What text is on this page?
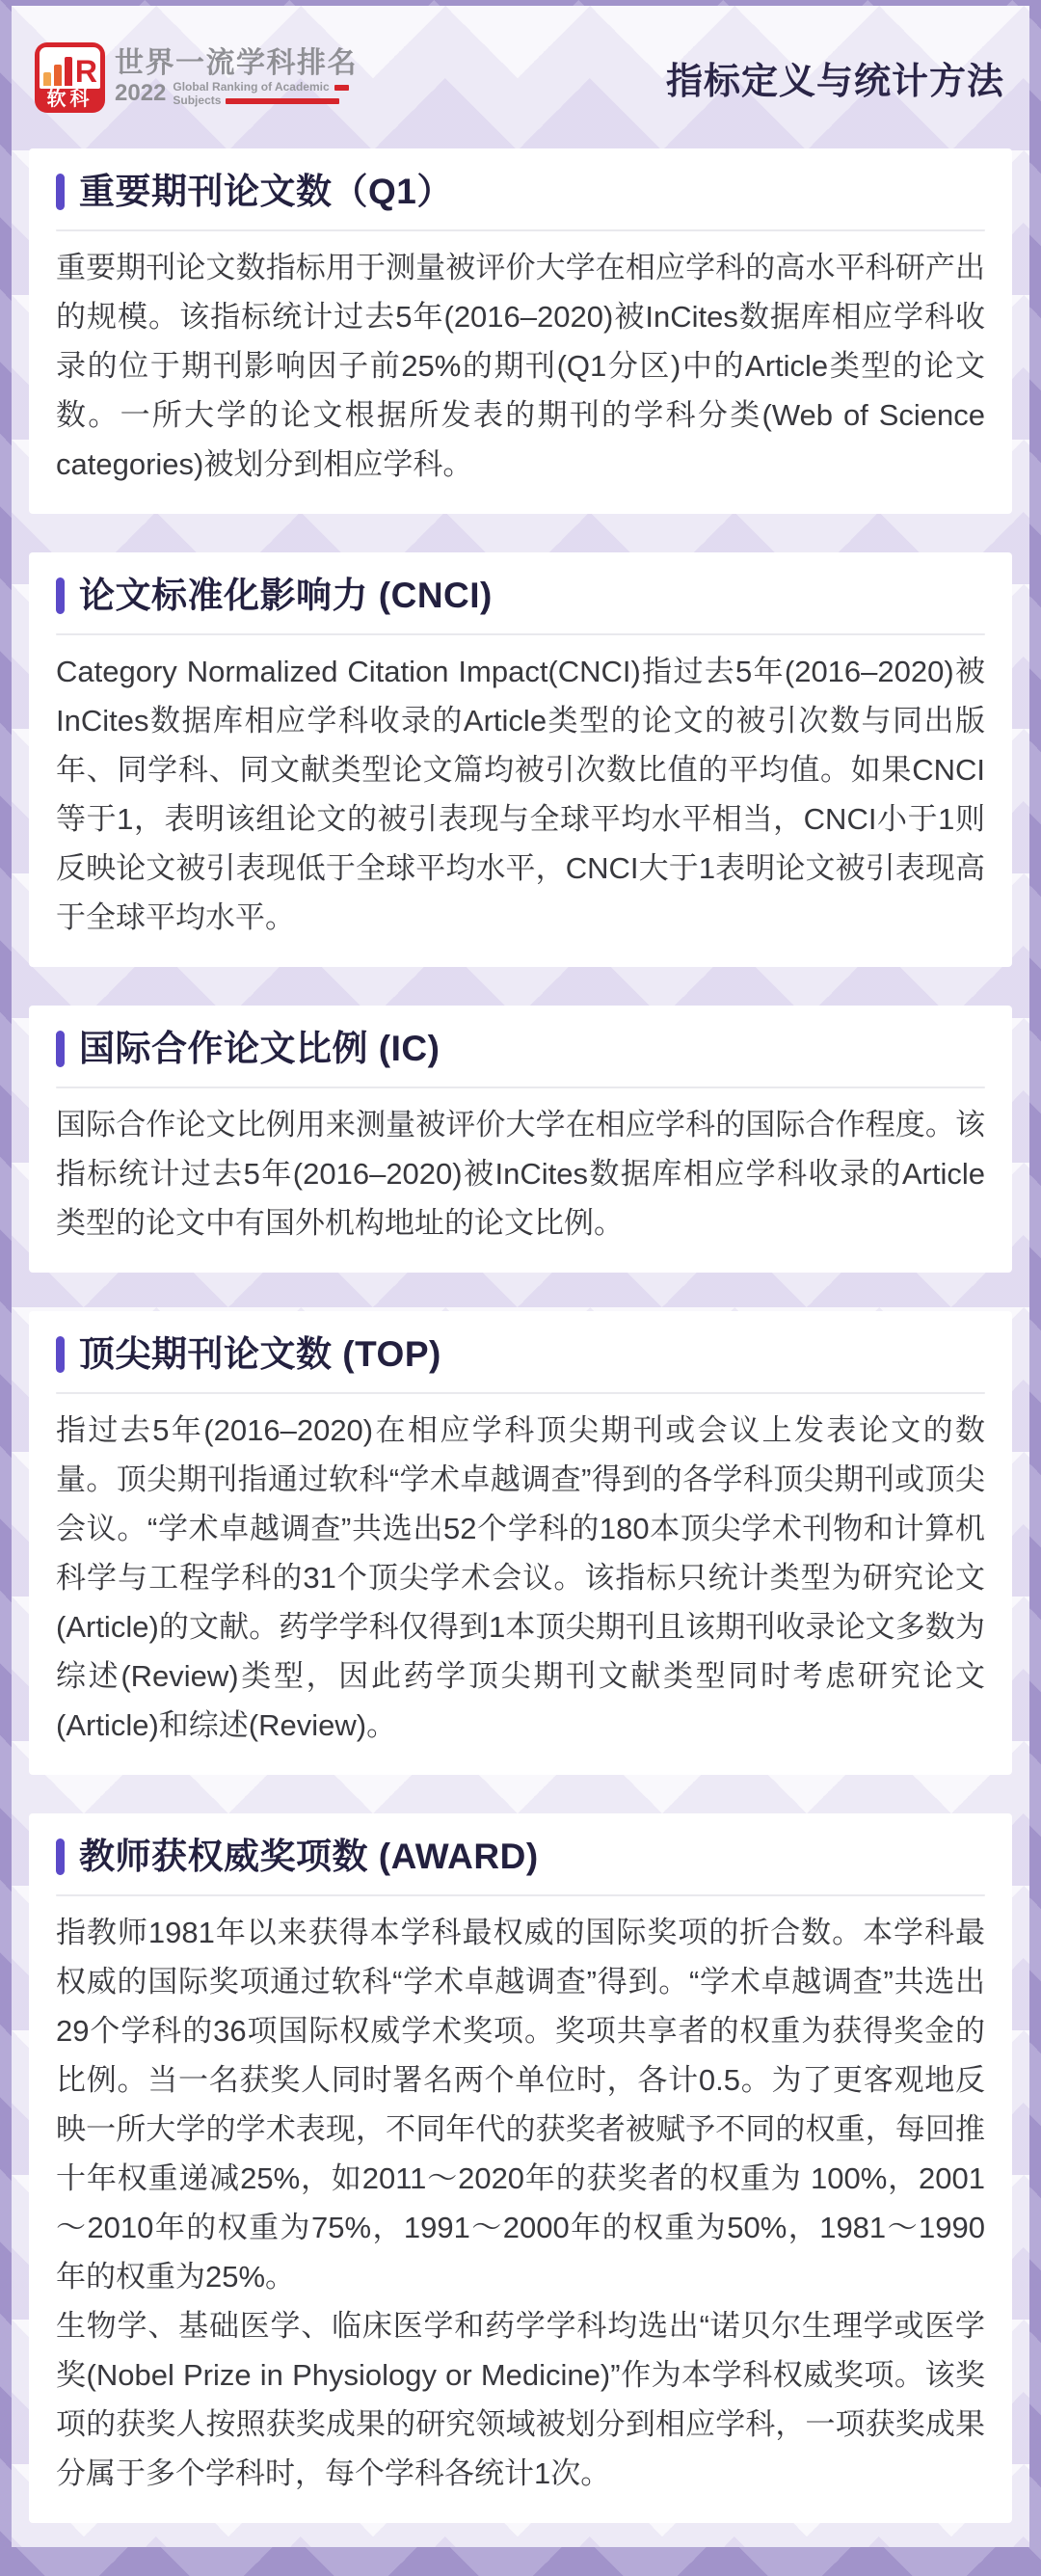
R
软科
世界一流学科排名
2022 Global Ranking of Academic
Subjects	指标定义与统计方法
重要期刊论文数（Q1）

重要期刊论文数指标用于测量被评价大学在相应学科的高水平科研产出的规模。该指标统计过去5年(2016–2020)被InCites数据库相应学科收录的位于期刊影响因子前25%的期刊(Q1分区)中的Article类型的论文数。一所大学的论文根据所发表的期刊的学科分类(Web of Science categories)被划分到相应学科。

论文标准化影响力 (CNCI)

Category Normalized Citation Impact(CNCI)指过去5年(2016–2020)被InCites数据库相应学科收录的Article类型的论文的被引次数与同出版年、同学科、同文献类型论文篇均被引次数比值的平均值。如果CNCI等于1，表明该组论文的被引表现与全球平均水平相当，CNCI小于1则反映论文被引表现低于全球平均水平，CNCI大于1表明论文被引表现高于全球平均水平。

国际合作论文比例 (IC)

国际合作论文比例用来测量被评价大学在相应学科的国际合作程度。该指标统计过去5年(2016–2020)被InCites数据库相应学科收录的Article类型的论文中有国外机构地址的论文比例。

顶尖期刊论文数 (TOP)

指过去5年(2016–2020)在相应学科顶尖期刊或会议上发表论文的数量。顶尖期刊指通过软科“学术卓越调查”得到的各学科顶尖期刊或顶尖会议。“学术卓越调查”共选出52个学科的180本顶尖学术刊物和计算机科学与工程学科的31个顶尖学术会议。该指标只统计类型为研究论文(Article)的文献。药学学科仅得到1本顶尖期刊且该期刊收录论文多数为综述(Review)类型，因此药学顶尖期刊文献类型同时考虑研究论文(Article)和综述(Review)。

教师获权威奖项数 (AWARD)

指教师1981年以来获得本学科最权威的国际奖项的折合数。本学科最权威的国际奖项通过软科“学术卓越调查”得到。“学术卓越调查”共选出29个学科的36项国际权威学术奖项。奖项共享者的权重为获得奖金的比例。当一名获奖人同时署名两个单位时，各计0.5。为了更客观地反映一所大学的学术表现，不同年代的获奖者被赋予不同的权重，每回推十年权重递减25%，如2011～2020年的获奖者的权重为 100%，2001～2010年的权重为75%，1991～2000年的权重为50%，1981～1990年的权重为25%。

生物学、基础医学、临床医学和药学学科均选出“诺贝尔生理学或医学奖(Nobel Prize in Physiology or Medicine)”作为本学科权威奖项。该奖项的获奖人按照获奖成果的研究领域被划分到相应学科，一项获奖成果分属于多个学科时，每个学科各统计1次。
